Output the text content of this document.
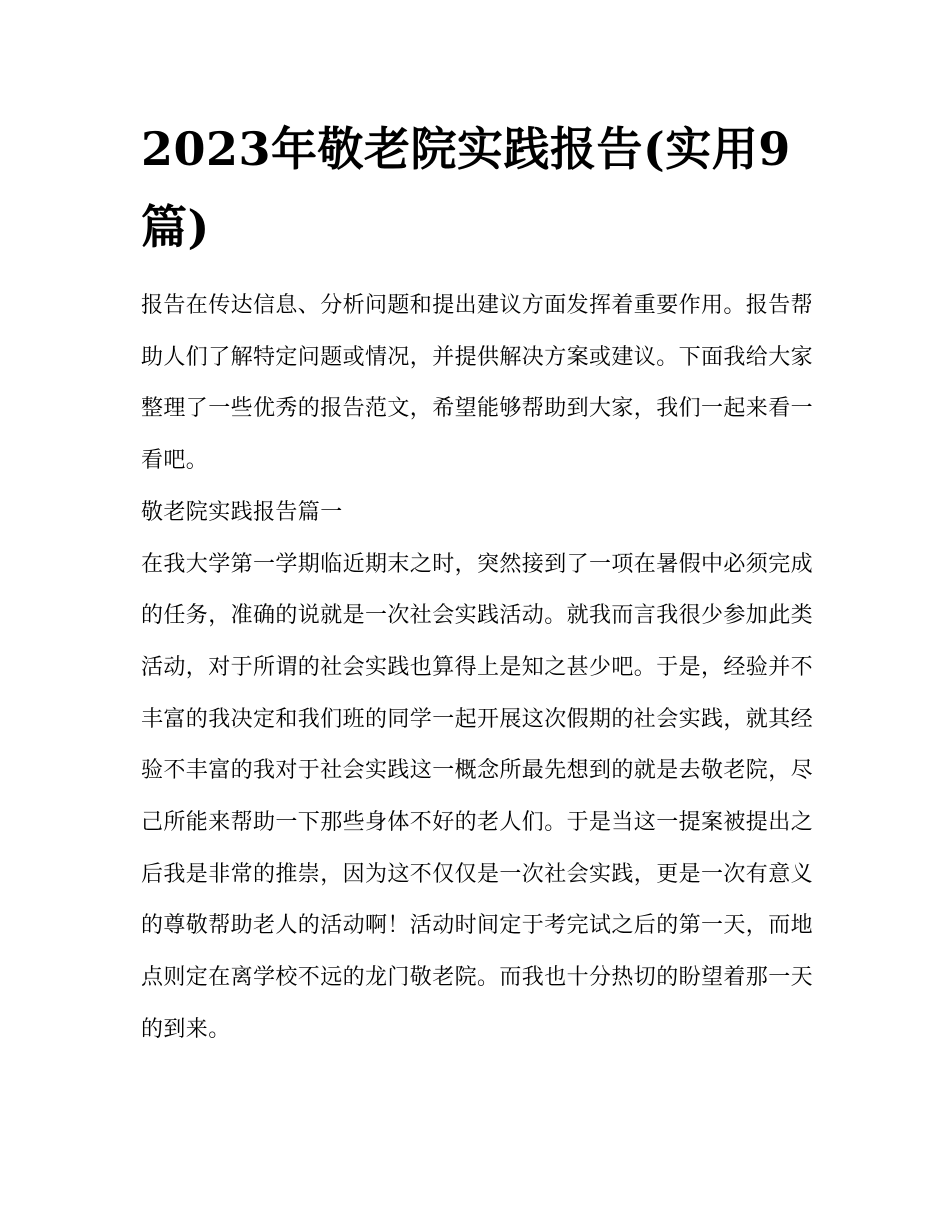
2023年敬老院实践报告(实用9篇)

报告在传达信息、分析问题和提出建议方面发挥着重要作用。报告帮助人们了解特定问题或情况，并提供解决方案或建议。下面我给大家整理了一些优秀的报告范文，希望能够帮助到大家，我们一起来看一看吧。

敬老院实践报告篇一

在我大学第一学期临近期末之时，突然接到了一项在暑假中必须完成的任务，准确的说就是一次社会实践活动。就我而言我很少参加此类活动，对于所谓的社会实践也算得上是知之甚少吧。于是，经验并不丰富的我决定和我们班的同学一起开展这次假期的社会实践，就其经验不丰富的我对于社会实践这一概念所最先想到的就是去敬老院，尽己所能来帮助一下那些身体不好的老人们。于是当这一提案被提出之后我是非常的推崇，因为这不仅仅是一次社会实践，更是一次有意义的尊敬帮助老人的活动啊！活动时间定于考完试之后的第一天，而地点则定在离学校不远的龙门敬老院。而我也十分热切的盼望着那一天的到来。
